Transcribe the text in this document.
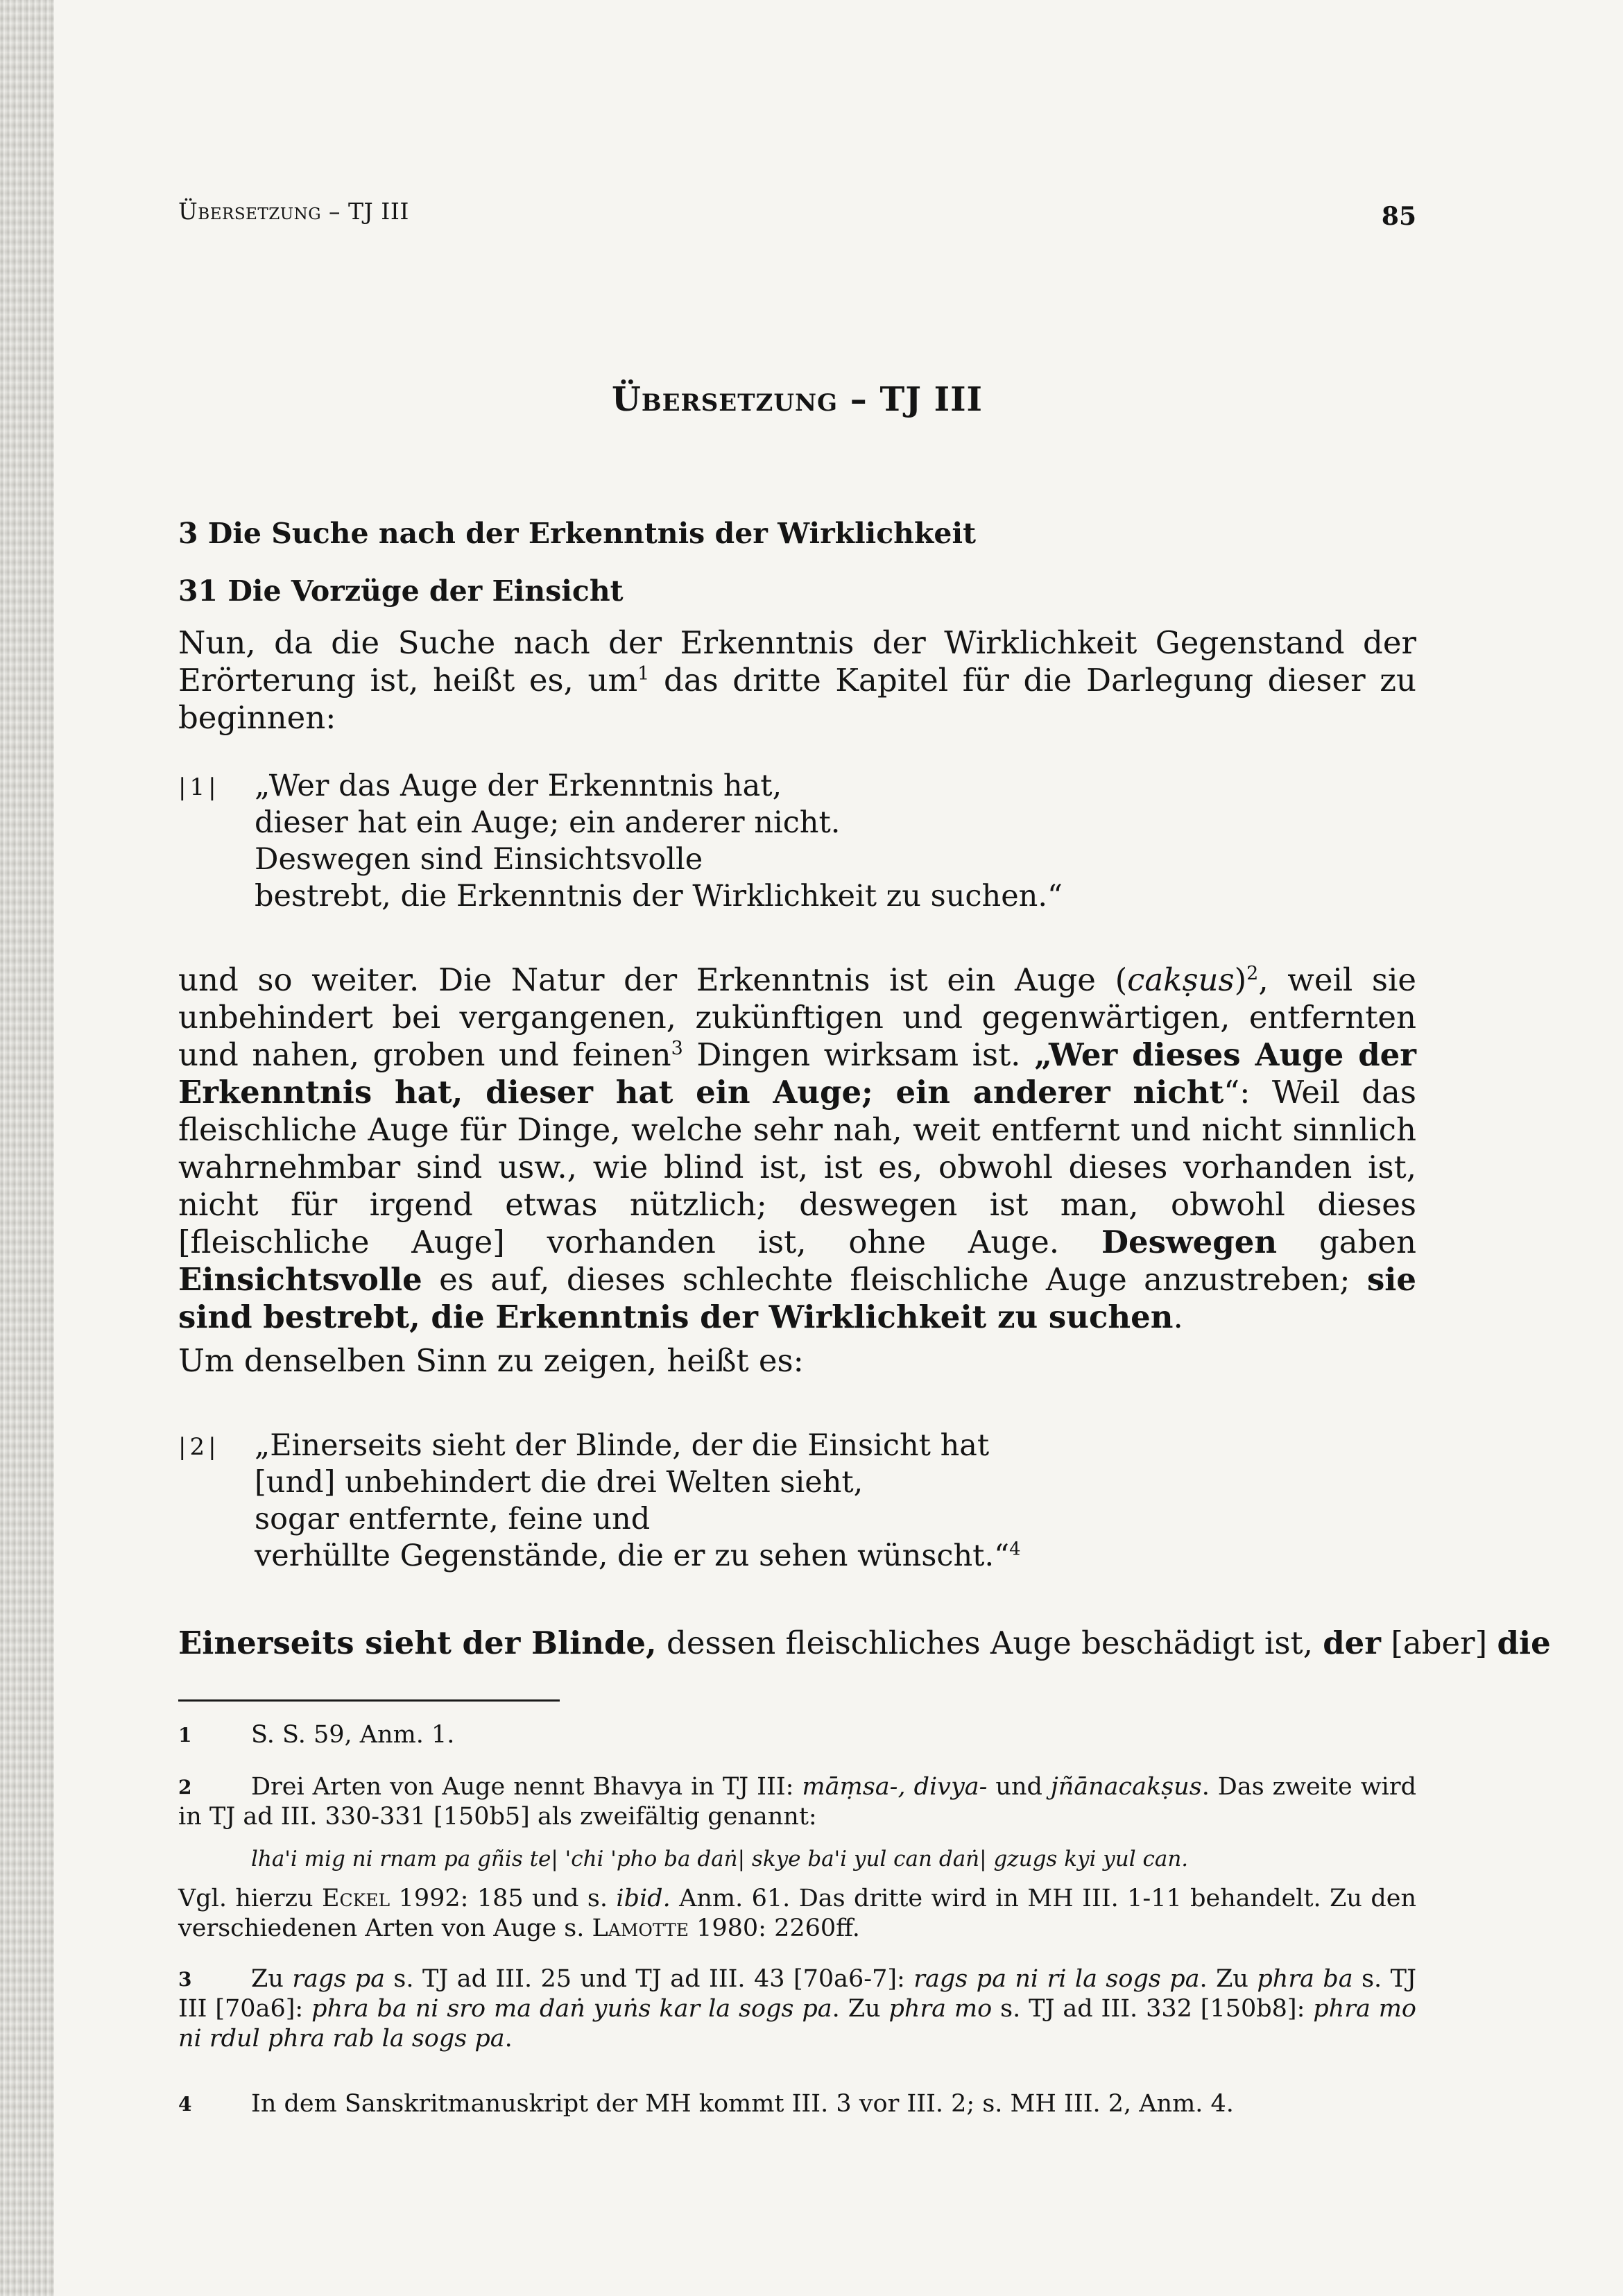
Übersetzung – TJ III	85
Übersetzung – TJ III
3 Die Suche nach der Erkenntnis der Wirklichkeit
31 Die Vorzüge der Einsicht

Nun, da die Suche nach der Erkenntnis der Wirklichkeit Gegenstand der Erörterung ist, heißt es, $um^1$ das dritte Kapitel für die Darlegung dieser zu beginnen:

|1| „Wer das Auge der Erkenntnis hat,
dieser hat ein Auge; ein anderer nicht.
Deswegen sind Einsichtsvolle
bestrebt, die Erkenntnis der Wirklichkeit zu suchen.“

und so weiter. Die Natur der Erkenntnis ist ein Auge (cakṣus)$^2$, weil sie unbehindert bei vergangenen, zukünftigen und gegenwärtigen, entfernten und nahen, groben und feinen$^3$ Dingen wirksam ist. „Wer dieses Auge der Erkenntnis hat, dieser hat ein Auge; ein anderer nicht“: Weil das fleischliche Auge für Dinge, welche sehr nah, weit entfernt und nicht sinnlich wahrnehmbar sind usw., wie blind ist, ist es, obwohl dieses vorhanden ist, nicht für irgend etwas nützlich; deswegen ist man, obwohl dieses [fleischliche Auge] vorhanden ist, ohne Auge. Deswegen gaben Einsichtsvolle es auf, dieses schlechte fleischliche Auge anzustreben; sie sind bestrebt, die Erkenntnis der Wirklichkeit zu suchen.

Um denselben Sinn zu zeigen, heißt es:

|2| „Einerseits sieht der Blinde, der die Einsicht hat
[und] unbehindert die drei Welten sieht,
sogar entfernte, feine und
verhüllte Gegenstände, die er zu sehen wünscht.“$^4$

Einerseits sieht der Blinde, dessen fleischliches Auge beschädigt ist, der [aber] die

1	S. S. 59, Anm. 1.
2 Drei Arten von Auge nennt Bhavya in TJ III: māṃsa-, divya- und jñānacakṣus. Das zweite wird in TJ ad III. 330-331 [150b5] als zweifältig genannt:
lha'i mig ni rnam pa gñis te| 'chi 'pho ba daṅ| skye ba'i yul can daṅ| gzugs kyi yul can.
Vgl. hierzu Eckel 1992: 185 und s. ibid. Anm. 61. Das dritte wird in MH III. 1-11 behandelt. Zu den verschiedenen Arten von Auge s. Lamotte 1980: 2260ff.
3 Zu rags pa s. TJ ad III. 25 und TJ ad III. 43 [70a6-7]: rags pa ni ri la sogs pa. Zu phra ba s. TJ III [70a6]: phra ba ni sro ma daṅ yuṅs kar la sogs pa. Zu phra mo s. TJ ad III. 332 [150b8]: phra mo ni rdul phra rab la sogs pa.
4	In dem Sanskritmanuskript der MH kommt III. 3 vor III. 2; s. MH III. 2, Anm. 4.
